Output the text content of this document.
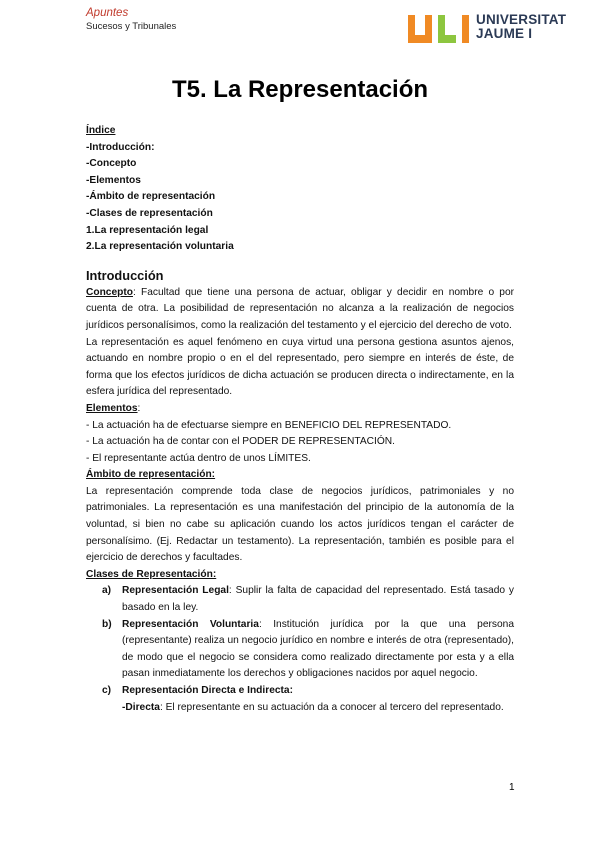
Apuntes
Sucesos y Tribunales	UNIVERSITAT
JAUME I
T5. La Representación
Índice
-Introducción:
-Concepto
-Elementos
-Ámbito de representación
-Clases de representación
1.La representación legal
2.La representación voluntaria
Introducción
Concepto: Facultad que tiene una persona de actuar, obligar y decidir en nombre o por cuenta de otra. La posibilidad de representación no alcanza a la realización de negocios jurídicos personalísimos, como la realización del testamento y el ejercicio del derecho de voto.
La representación es aquel fenómeno en cuya virtud una persona gestiona asuntos ajenos, actuando en nombre propio o en el del representado, pero siempre en interés de éste, de forma que los efectos jurídicos de dicha actuación se producen directa o indirectamente, en la esfera jurídica del representado.
Elementos:
- La actuación ha de efectuarse siempre en BENEFICIO DEL REPRESENTADO.
- La actuación ha de contar con el PODER DE REPRESENTACIÓN.
- El representante actúa dentro de unos LÍMITES.
Ámbito de representación:
La representación comprende toda clase de negocios jurídicos, patrimoniales y no patrimoniales. La representación es una manifestación del principio de la autonomía de la voluntad, si bien no cabe su aplicación cuando los actos jurídicos tengan el carácter de personalísimo. (Ej. Redactar un testamento). La representación, también es posible para el ejercicio de derechos y facultades.
Clases de Representación:
a) Representación Legal: Suplir la falta de capacidad del representado. Está tasado y basado en la ley.
b) Representación Voluntaria: Institución jurídica por la que una persona (representante) realiza un negocio jurídico en nombre e interés de otra (representado), de modo que el negocio se considera como realizado directamente por esta y a ella pasan inmediatamente los derechos y obligaciones nacidos por aquel negocio.
c) Representación Directa e Indirecta:
-Directa: El representante en su actuación da a conocer al tercero del representado.
1
